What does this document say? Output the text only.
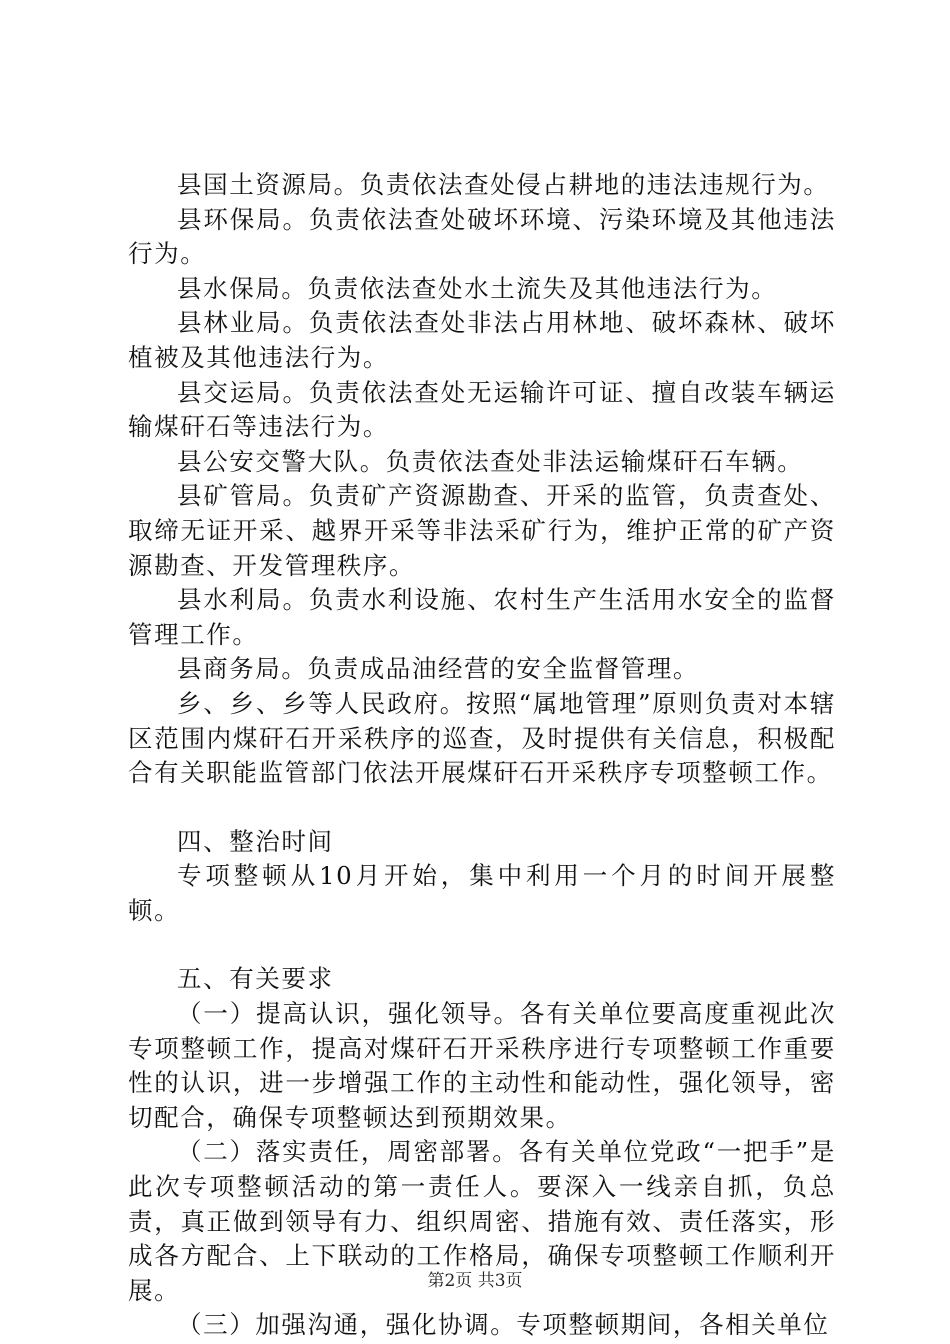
县国土资源局。负责依法查处侵占耕地的违法违规行为。

县环保局。负责依法查处破坏环境、污染环境及其他违法行为。

县水保局。负责依法查处水土流失及其他违法行为。

县林业局。负责依法查处非法占用林地、破坏森林、破坏植被及其他违法行为。

县交运局。负责依法查处无运输许可证、擅自改装车辆运输煤矸石等违法行为。

县公安交警大队。负责依法查处非法运输煤矸石车辆。

县矿管局。负责矿产资源勘查、开采的监管，负责查处、取缔无证开采、越界开采等非法采矿行为，维护正常的矿产资源勘查、开发管理秩序。

县水利局。负责水利设施、农村生产生活用水安全的监督管理工作。

县商务局。负责成品油经营的安全监督管理。

乡、乡、乡等人民政府。按照“属地管理”原则负责对本辖区范围内煤矸石开采秩序的巡查，及时提供有关信息，积极配合有关职能监管部门依法开展煤矸石开采秩序专项整顿工作。

四、整治时间

专项整顿从10月开始，集中利用一个月的时间开展整顿。

五、有关要求

（一）提高认识，强化领导。各有关单位要高度重视此次专项整顿工作，提高对煤矸石开采秩序进行专项整顿工作重要性的认识，进一步增强工作的主动性和能动性，强化领导，密切配合，确保专项整顿达到预期效果。

（二）落实责任，周密部署。各有关单位党政“一把手”是此次专项整顿活动的第一责任人。要深入一线亲自抓，负总责，真正做到领导有力、组织周密、措施有效、责任落实，形成各方配合、上下联动的工作格局，确保专项整顿工作顺利开展。

（三）加强沟通，强化协调。专项整顿期间，各相关单位

第2页 共3页
